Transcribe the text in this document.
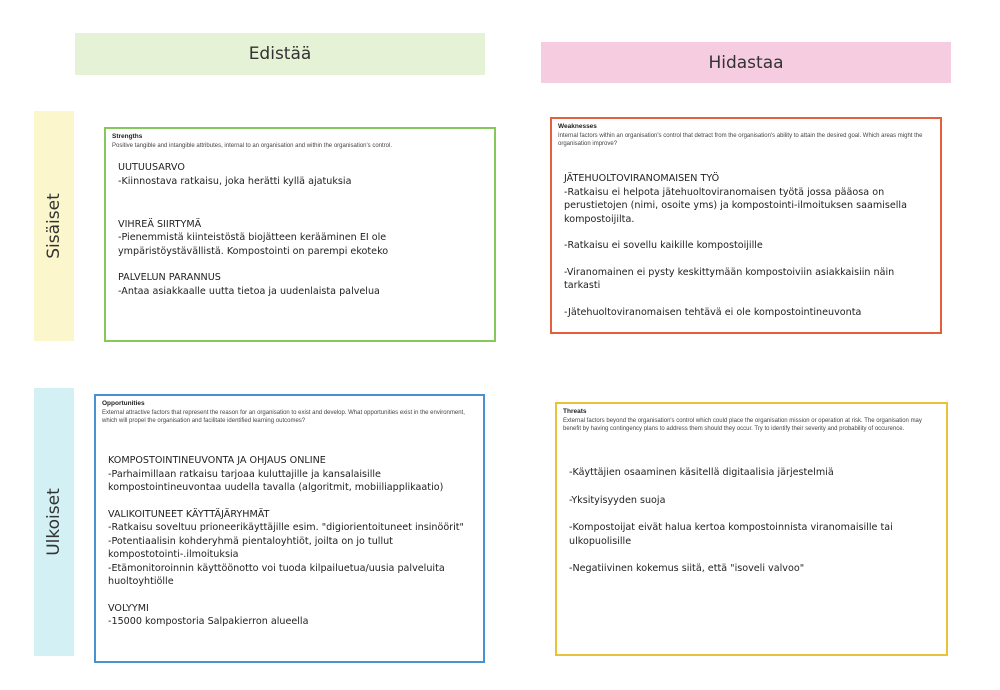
Edistää	Hidastaa
Sisäiset
Ulkoiset
Strengths
Positive tangible and intangible attributes, internal to an organisation and within the organisation's control.
UUTUUSARVO
-Kiinnostava ratkaisu, joka herätti kyllä ajatuksia

VIHREÄ SIIRTYMÄ
-Pienemmistä kiinteistöstä biojätteen kerääminen EI ole ympäristöystävällistä. Kompostointi on parempi ekoteko
PALVELUN PARANNUS
-Antaa asiakkaalle uutta tietoa ja uudenlaista palvelua
Weaknesses
Internal factors within an organisation's control that detract from the organisation's ability to attain the desired goal. Which areas might the organisation improve?
JÄTEHUOLTOVIRANOMAISEN TYÖ
-Ratkaisu ei helpota jätehuoltoviranomaisen työtä jossa pääosa on perustietojen (nimi, osoite yms) ja kompostointi-ilmoituksen saamisella kompostoijilta.
-Ratkaisu ei sovellu kaikille kompostoijille
-Viranomainen ei pysty keskittymään kompostoiviin asiakkaisiin näin tarkasti
-Jätehuoltoviranomaisen tehtävä ei ole kompostointineuvonta
Opportunities
External attractive factors that represent the reason for an organisation to exist and develop. What opportunities exist in the environment, which will propel the organisation and facilitate identified learning outcomes?
KOMPOSTOINTINEUVONTA JA OHJAUS ONLINE
-Parhaimillaan ratkaisu tarjoaa kuluttajille ja kansalaisille kompostointineuvontaa uudella tavalla (algoritmit, mobiiliapplikaatio)
VALIKOITUNEET KÄYTTÄJÄRYHMÄT
-Ratkaisu soveltuu prioneerikäyttäjille esim. "digiorientoituneet insinöörit"
-Potentiaalisin kohderyhmä pientaloyhtiöt, joilta on jo tullut kompostotointi-.ilmoituksia
-Etämonitoroinnin käyttöönotto voi tuoda kilpailuetua/uusia palveluita huoltoyhtiölle
VOLYYMI
-15000 kompostoria Salpakierron alueella
Threats
External factors beyond the organisation's control which could place the organisation mission or operation at risk. The organisation may benefit by having contingency plans to address them should they occur. Try to identify their severity and probability of occurence.
-Käyttäjien osaaminen käsitellä digitaalisia järjestelmiä
-Yksityisyyden suoja
-Kompostoijat eivät halua kertoa kompostoinnista viranomaisille tai ulkopuolisille
-Negatiivinen kokemus siitä, että "isoveli valvoo"
